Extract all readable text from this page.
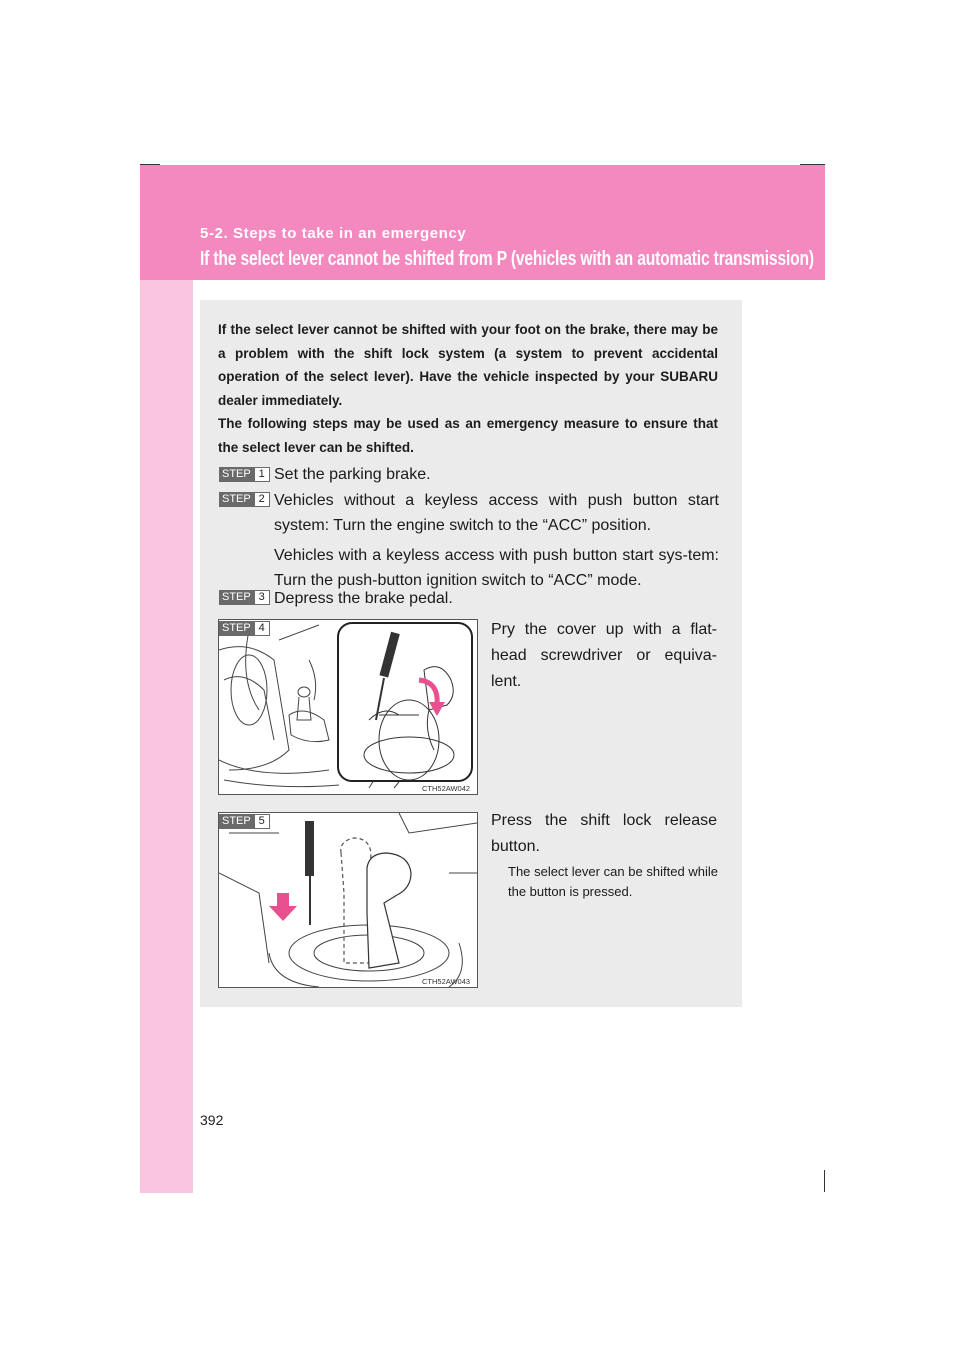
5-2. Steps to take in an emergency
If the select lever cannot be shifted from P (vehicles with an automatic transmission)

If the select lever cannot be shifted with your foot on the brake, there may be a problem with the shift lock system (a system to prevent accidental operation of the select lever). Have the vehicle inspected by your SUBARU dealer immediately.

The following steps may be used as an emergency measure to ensure that the select lever can be shifted.

STEP 1 Set the parking brake.
STEP 2 Vehicles without a keyless access with push button start system: Turn the engine switch to the “ACC” position.
Vehicles with a keyless access with push button start sys-tem: Turn the push-button ignition switch to “ACC” mode.
STEP 3 Depress the brake pedal.
CTH52AW042
STEP 4	Pry the cover up with a flat-head screwdriver or equiva-lent.
CTH52AW043
STEP 5	Press the shift lock release button.
The select lever can be shifted while the button is pressed.
392
